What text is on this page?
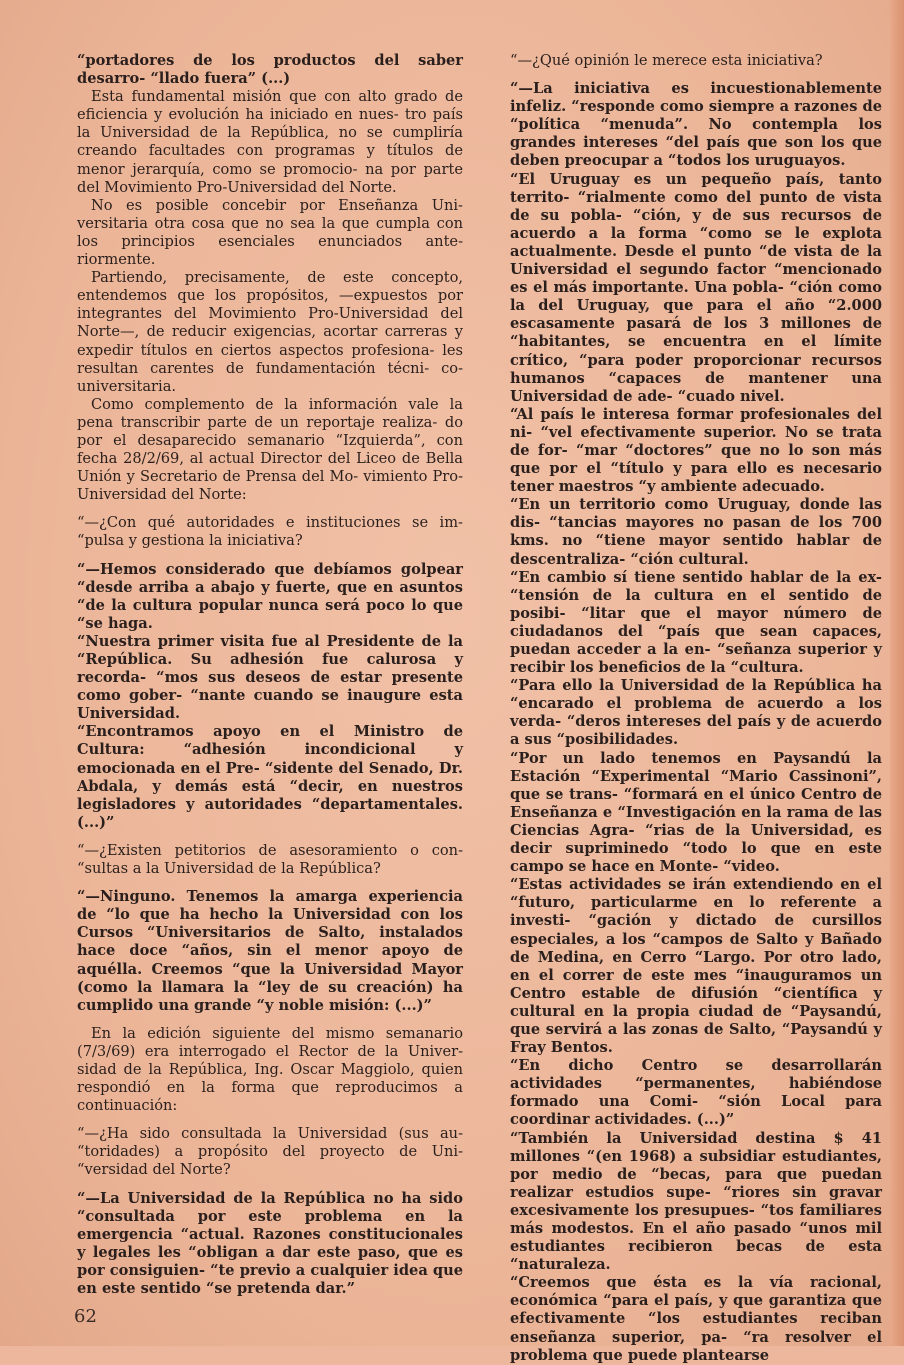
“portadores de los productos del saber desarro- “llado fuera” (...)

Esta fundamental misión que con alto grado de eficiencia y evolución ha iniciado en nues- tro país la Universidad de la República, no se cumpliría creando facultades con programas y títulos de menor jerarquía, como se promocio- na por parte del Movimiento Pro-Universidad del Norte.

No es posible concebir por Enseñanza Uni- versitaria otra cosa que no sea la que cumpla con los principios esenciales enunciados ante- riormente.

Partiendo, precisamente, de este concepto, entendemos que los propósitos, —expuestos por integrantes del Movimiento Pro-Universidad del Norte—, de reducir exigencias, acortar carreras y expedir títulos en ciertos aspectos profesiona- les resultan carentes de fundamentación técni- co-universitaria.

Como complemento de la información vale la pena transcribir parte de un reportaje realiza- do por el desaparecido semanario “Izquierda”, con fecha 28/2/69, al actual Director del Liceo de Bella Unión y Secretario de Prensa del Mo- vimiento Pro-Universidad del Norte:

“—¿Con qué autoridades e instituciones se im- “pulsa y gestiona la iniciativa?

“—Hemos considerado que debíamos golpear “desde arriba a abajo y fuerte, que en asuntos “de la cultura popular nunca será poco lo que “se haga.

“Nuestra primer visita fue al Presidente de la “República. Su adhesión fue calurosa y recorda- “mos sus deseos de estar presente como gober- “nante cuando se inaugure esta Universidad.

“Encontramos apoyo en el Ministro de Cultura: “adhesión incondicional y emocionada en el Pre- “sidente del Senado, Dr. Abdala, y demás está “decir, en nuestros legisladores y autoridades “departamentales. (...)”

“—¿Existen petitorios de asesoramiento o con- “sultas a la Universidad de la República?

“—Ninguno. Tenemos la amarga experiencia de “lo que ha hecho la Universidad con los Cursos “Universitarios de Salto, instalados hace doce “años, sin el menor apoyo de aquélla. Creemos “que la Universidad Mayor (como la llamara la “ley de su creación) ha cumplido una grande “y noble misión: (...)”

En la edición siguiente del mismo semanario (7/3/69) era interrogado el Rector de la Univer- sidad de la República, Ing. Oscar Maggiolo, quien respondió en la forma que reproducimos a continuación:

“—¿Ha sido consultada la Universidad (sus au- “toridades) a propósito del proyecto de Uni- “versidad del Norte?

“—La Universidad de la República no ha sido “consultada por este problema en la emergencia “actual. Razones constitucionales y legales les “obligan a dar este paso, que es por consiguien- “te previo a cualquier idea que en este sentido “se pretenda dar.”

“—¿Qué opinión le merece esta iniciativa?

“—La iniciativa es incuestionablemente infeliz. “responde como siempre a razones de “política “menuda”. No contempla los grandes intereses “del país que son los que deben preocupar a “todos los uruguayos.

“El Uruguay es un pequeño país, tanto territo- “rialmente como del punto de vista de su pobla- “ción, y de sus recursos de acuerdo a la forma “como se le explota actualmente. Desde el punto “de vista de la Universidad el segundo factor “mencionado es el más importante. Una pobla- “ción como la del Uruguay, que para el año “2.000 escasamente pasará de los 3 millones de “habitantes, se encuentra en el límite crítico, “para poder proporcionar recursos humanos “capaces de mantener una Universidad de ade- “cuado nivel.

“Al país le interesa formar profesionales del ni- “vel efectivamente superior. No se trata de for- “mar “doctores” que no lo son más que por el “título y para ello es necesario tener maestros “y ambiente adecuado.

“En un territorio como Uruguay, donde las dis- “tancias mayores no pasan de los 700 kms. no “tiene mayor sentido hablar de descentraliza- “ción cultural.

“En cambio sí tiene sentido hablar de la ex- “tensión de la cultura en el sentido de posibi- “litar que el mayor número de ciudadanos del “país que sean capaces, puedan acceder a la en- “señanza superior y recibir los beneficios de la “cultura.

“Para ello la Universidad de la República ha “encarado el problema de acuerdo a los verda- “deros intereses del país y de acuerdo a sus “posibilidades.

“Por un lado tenemos en Paysandú la Estación “Experimental “Mario Cassinoni”, que se trans- “formará en el único Centro de Enseñanza e “Investigación en la rama de las Ciencias Agra- “rias de la Universidad, es decir supriminedo “todo lo que en este campo se hace en Monte- “video.

“Estas actividades se irán extendiendo en el “futuro, particularme en lo referente a investi- “gación y dictado de cursillos especiales, a los “campos de Salto y Bañado de Medina, en Cerro “Largo. Por otro lado, en el correr de este mes “inauguramos un Centro estable de difusión “científica y cultural en la propia ciudad de “Paysandú, que servirá a las zonas de Salto, “Paysandú y Fray Bentos.

“En dicho Centro se desarrollarán actividades “permanentes, habiéndose formado una Comi- “sión Local para coordinar actividades. (...)”

“También la Universidad destina $ 41 millones “(en 1968) a subsidiar estudiantes, por medio de “becas, para que puedan realizar estudios supe- “riores sin gravar excesivamente los presupues- “tos familiares más modestos. En el año pasado “unos mil estudiantes recibieron becas de esta “naturaleza.

“Creemos que ésta es la vía racional, económica “para el país, y que garantiza que efectivamente “los estudiantes reciban enseñanza superior, pa- “ra resolver el problema que puede plantearse

62
